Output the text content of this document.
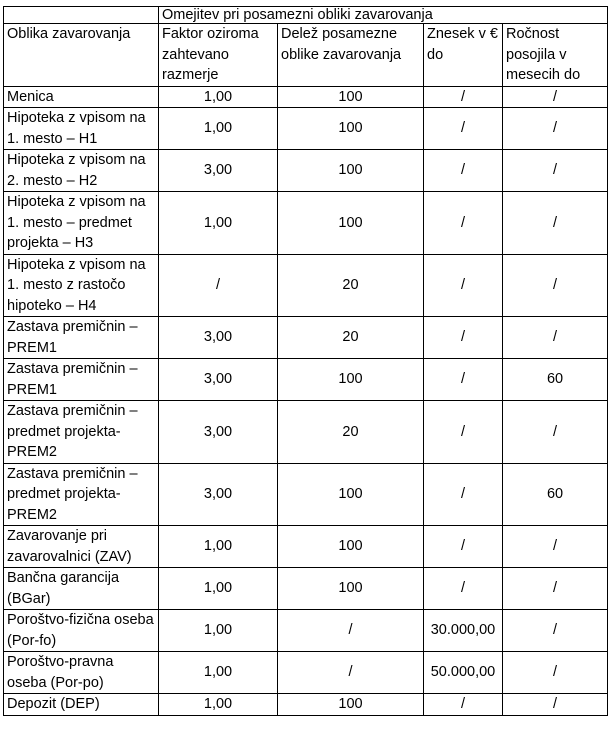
	Omejitev pri posamezni obliki zavarovanja			
Oblika zavarovanja	Faktor oziroma zahtevano razmerje	Delež posamezne oblike zavarovanja	Znesek v € do	Ročnost posojila v mesecih do
Menica	1,00	100	/	/
Hipoteka z vpisom na 1. mesto – H1	1,00	100	/	/
Hipoteka z vpisom na 2. mesto – H2	3,00	100	/	/
Hipoteka z vpisom na 1. mesto – predmet projekta – H3	1,00	100	/	/
Hipoteka z vpisom na 1. mesto z rastočo hipoteko – H4	/	20	/	/
Zastava premičnin – PREM1	3,00	20	/	/
Zastava premičnin – PREM1	3,00	100	/	60
Zastava premičnin – predmet projekta-PREM2	3,00	20	/	/
Zastava premičnin – predmet projekta-PREM2	3,00	100	/	60
Zavarovanje pri zavarovalnici (ZAV)	1,00	100	/	/
Bančna garancija (BGar)	1,00	100	/	/
Poroštvo-fizična oseba (Por-fo)	1,00	/	30.000,00	/
Poroštvo-pravna oseba (Por-po)	1,00	/	50.000,00	/
Depozit (DEP)	1,00	100	/	/
